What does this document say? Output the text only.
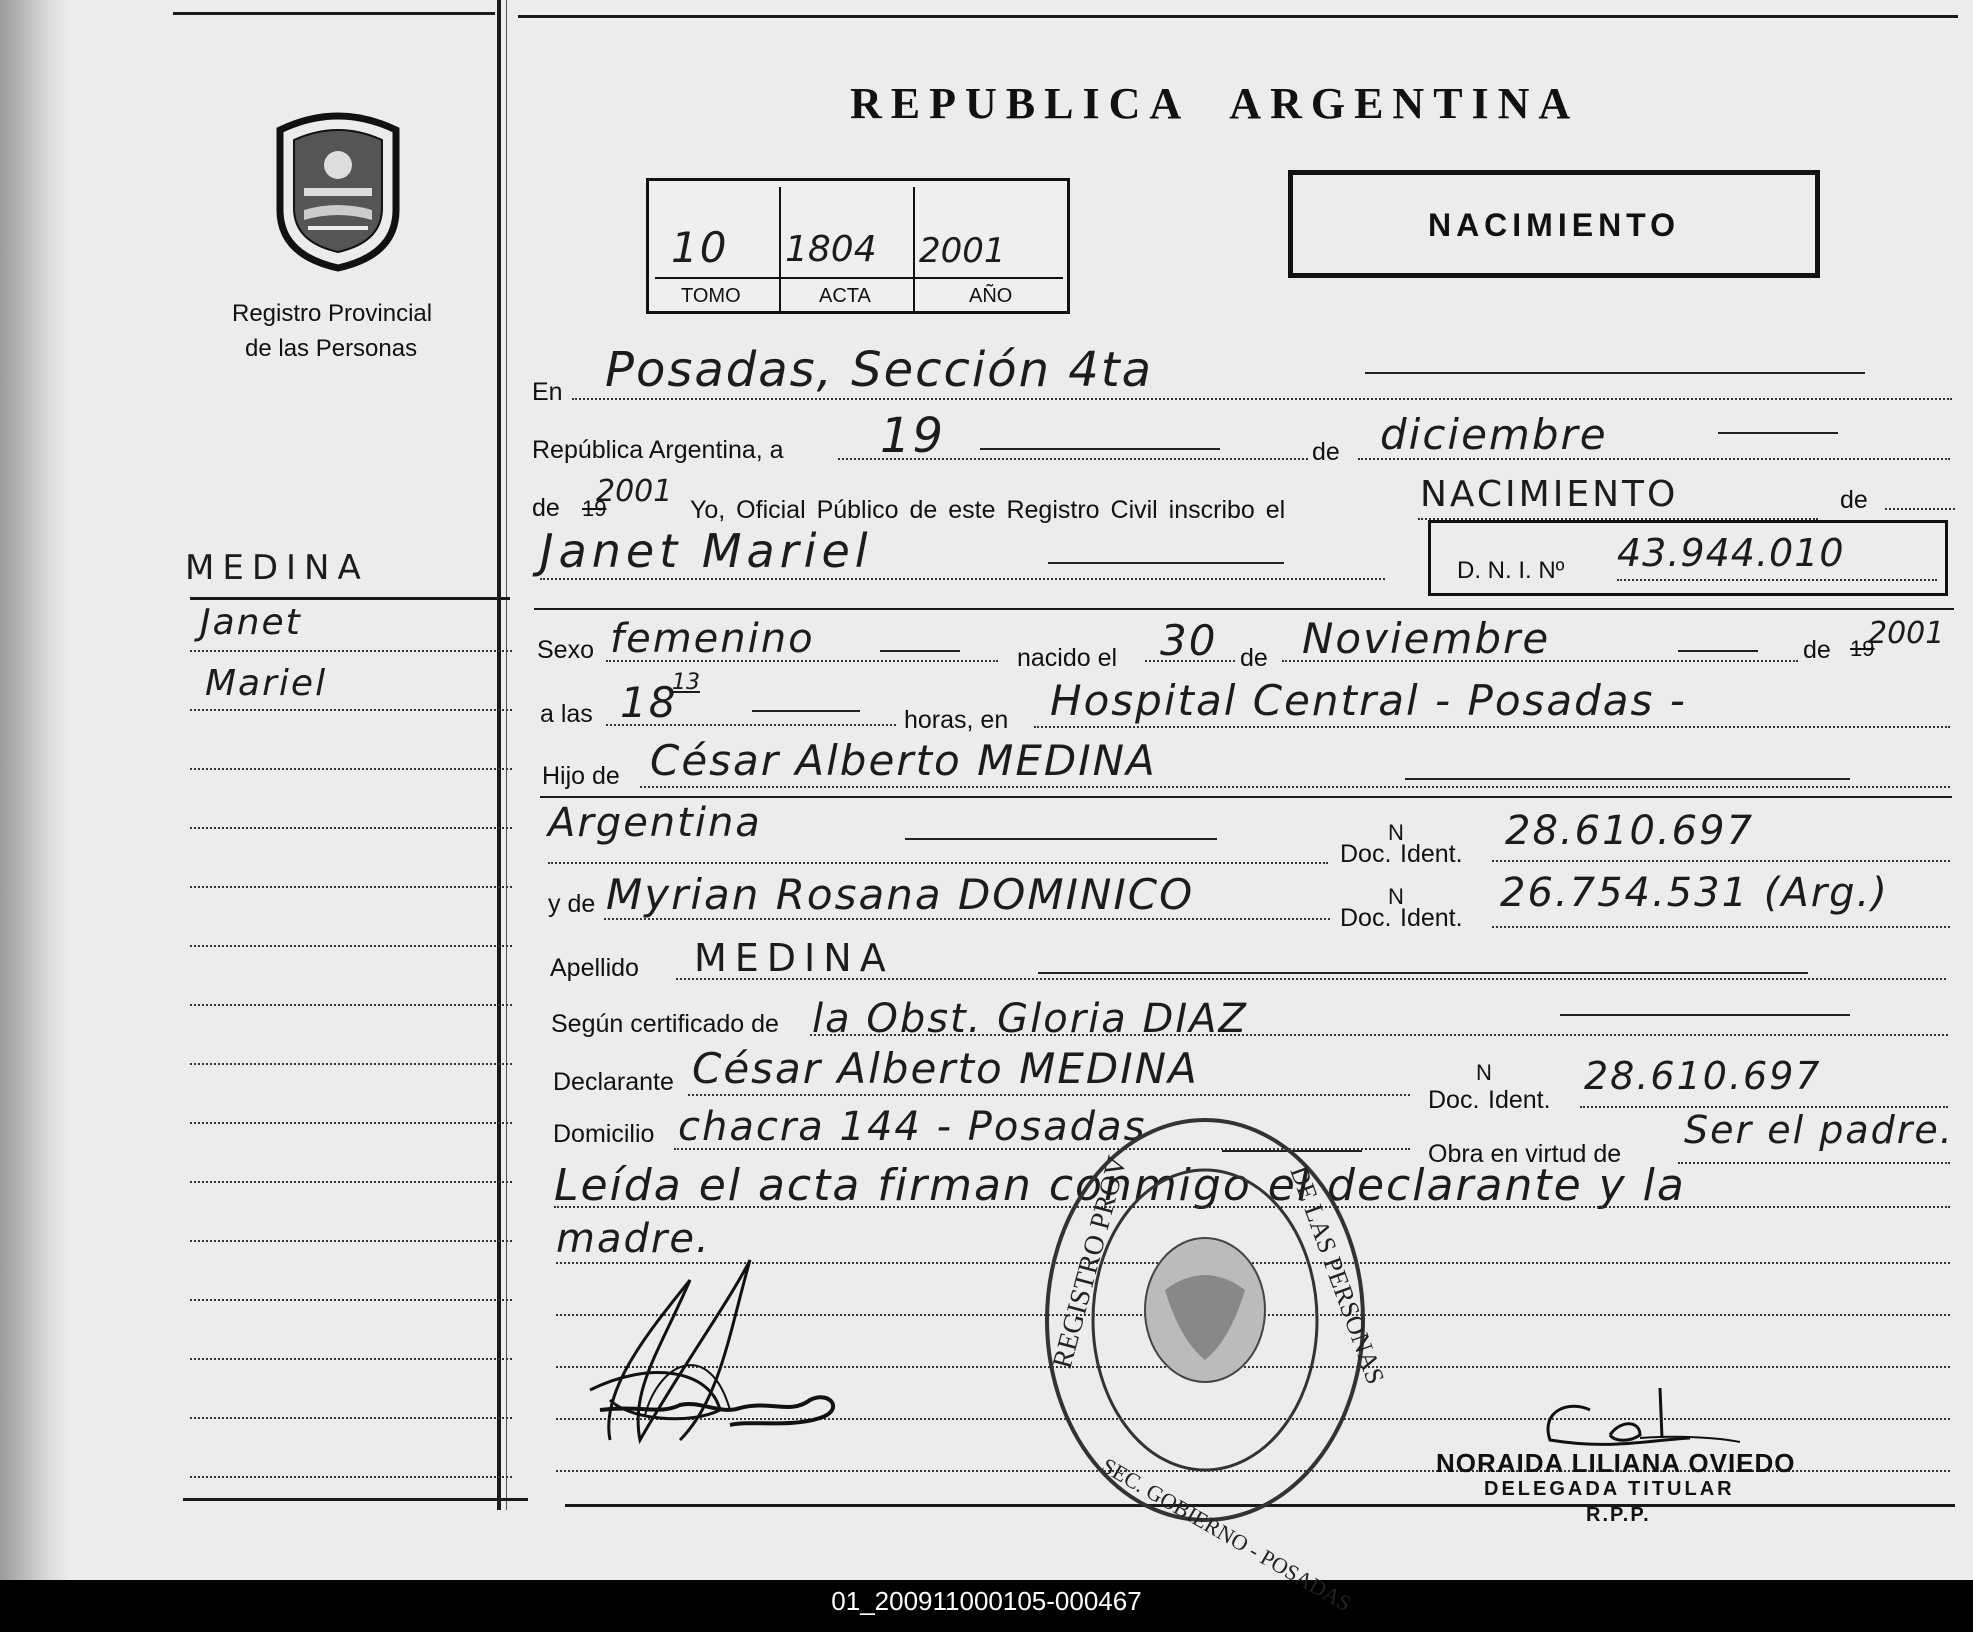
Registro Provincial
de las Personas
MEDINA
Janet
Mariel
REPUBLICA ARGENTINA
10 1804 2001
TOMO	ACTA	AÑO
NACIMIENTO
En Posadas, Sección 4ta
República Argentina, a 19	de diciembre
de 19
2001
Yo, Oficial Público de este Registro Civil inscribo el	NACIMIENTO	de
Janet Mariel	D. N. I. Nº 43.944.010
Sexo femenino	nacido el 30 de Noviembre	de 19
2001
a las 18
13
horas, en Hospital Central - Posadas -
Hijo de César Alberto MEDINA
Argentina
Doc.
N
Ident. 28.610.697
y de Myrian Rosana DOMINICO	Doc.
N
Ident.
26.754.531 (Arg.)
Apellido MEDINA
Según certificado de la Obst. Gloria DIAZ
Declarante César Alberto MEDINA
Doc.
N
Ident.
28.610.697
Domicilio chacra 144 - Posadas
Obra en virtud de
Ser el padre.
Leída el acta firman conmigo el declarante y la
madre.	REGISTRO PROV	DE LAS PERSONAS
SEC. GOBIERNO - POSADAS	NORAIDA LILIANA OVIEDO
DELEGADA TITULAR
R.P.P.
01_200911000105-000467
